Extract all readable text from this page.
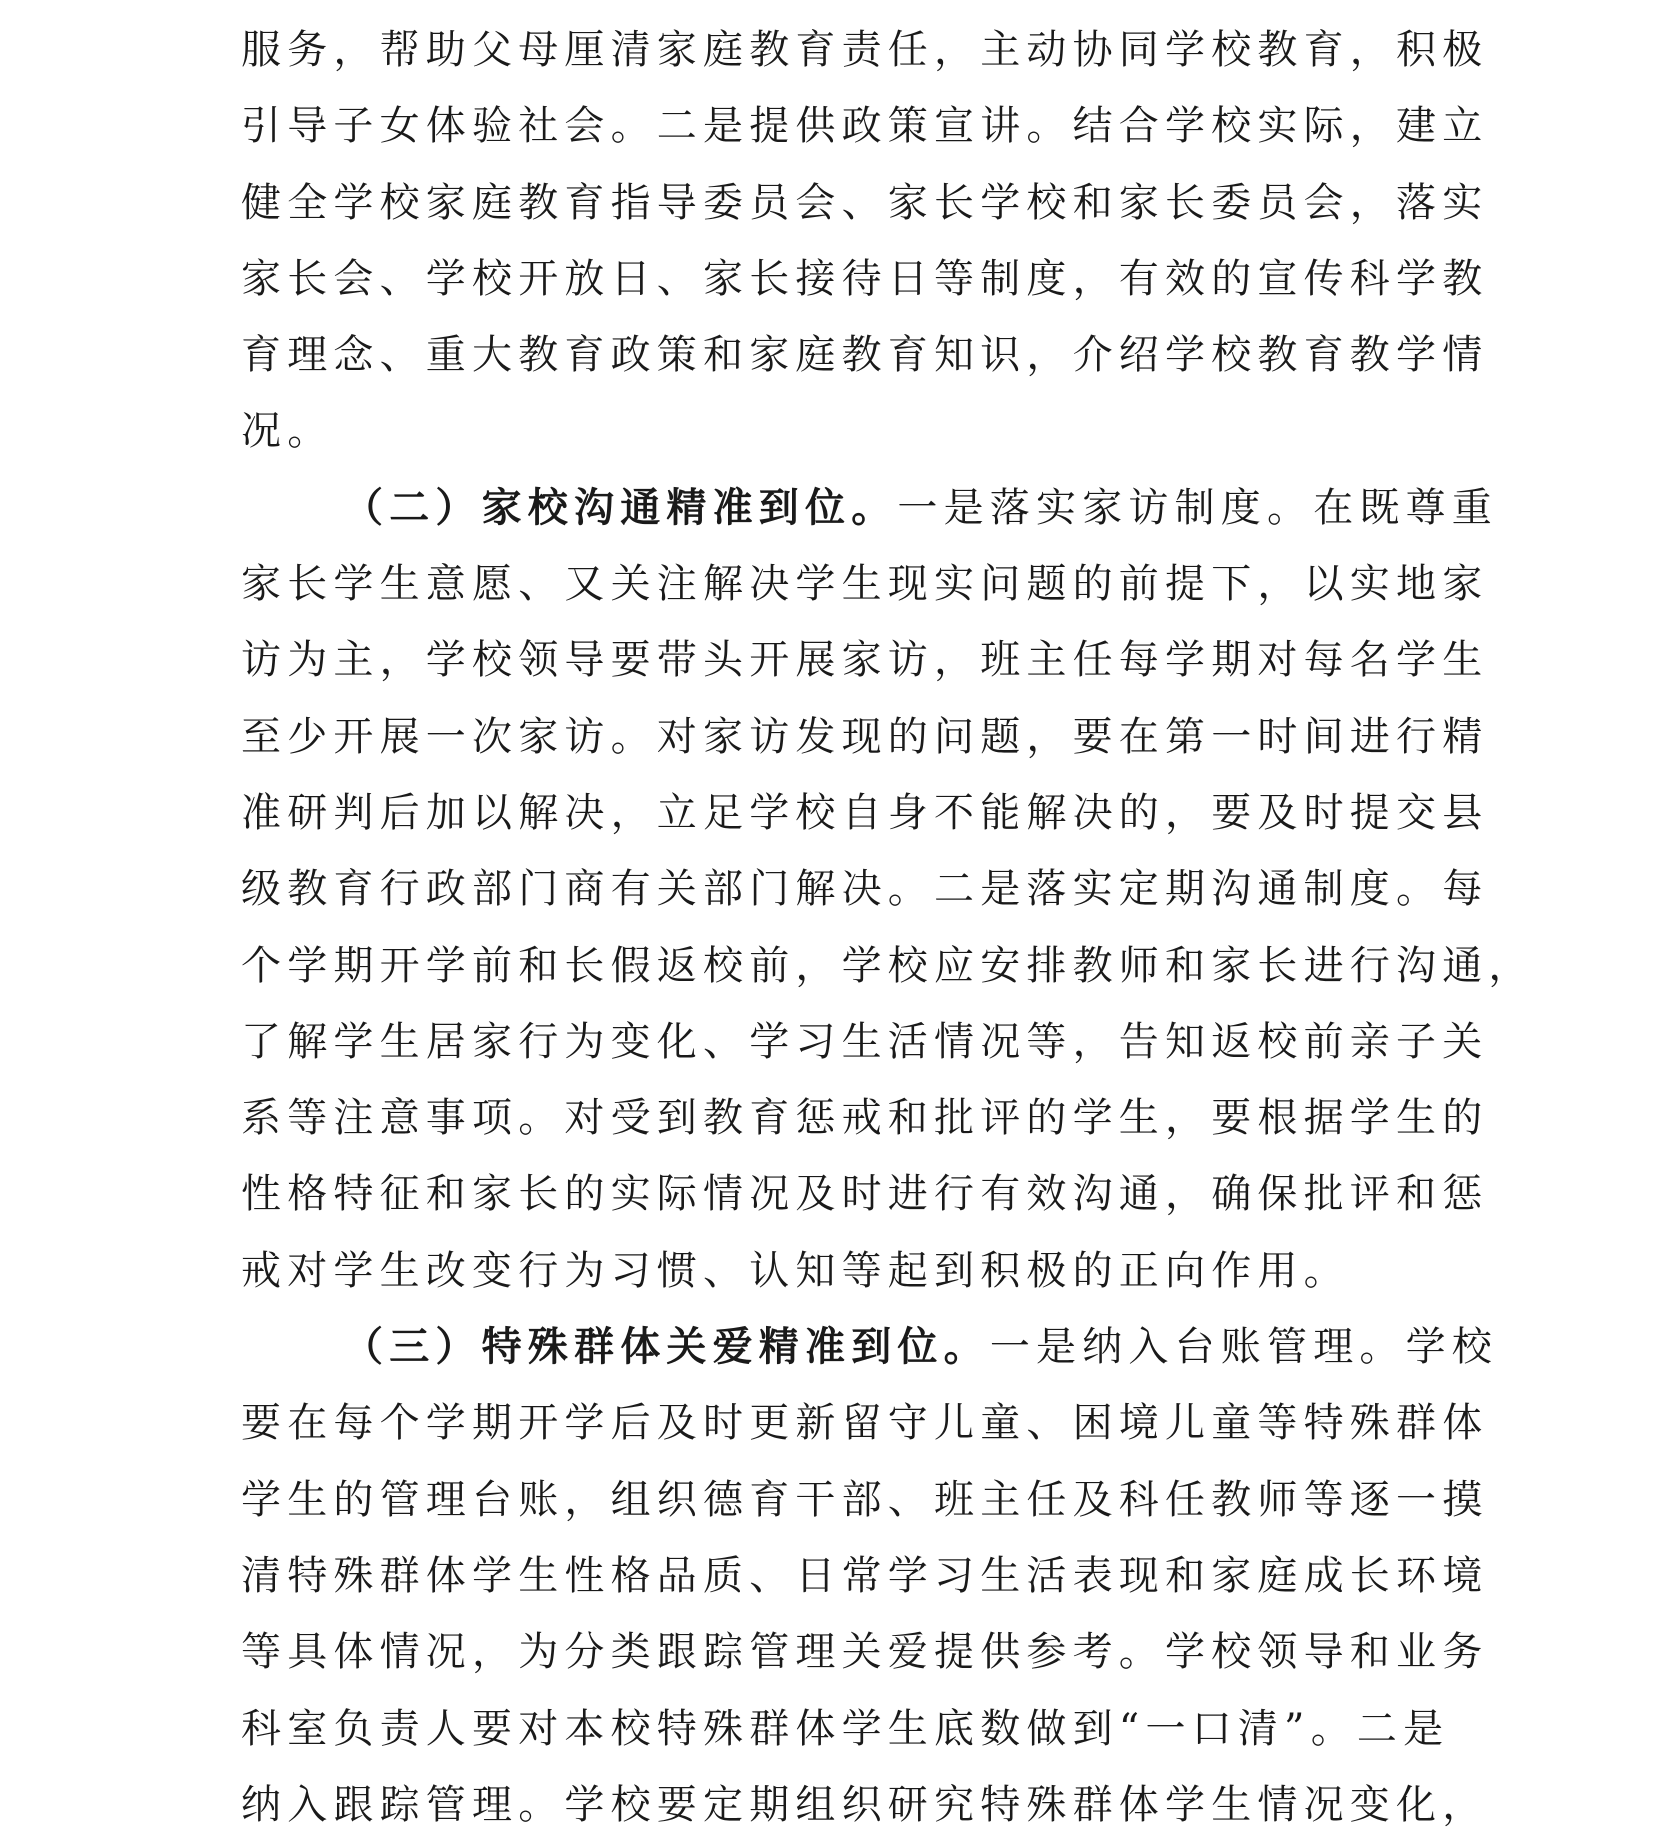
服务，帮助父母厘清家庭教育责任，主动协同学校教育，积极
引导子女体验社会。二是提供政策宣讲。结合学校实际，建立
健全学校家庭教育指导委员会、家长学校和家长委员会，落实
家长会、学校开放日、家长接待日等制度，有效的宣传科学教
育理念、重大教育政策和家庭教育知识，介绍学校教育教学情
况。
（二）家校沟通精准到位。一是落实家访制度。在既尊重
家长学生意愿、又关注解决学生现实问题的前提下，以实地家
访为主，学校领导要带头开展家访，班主任每学期对每名学生
至少开展一次家访。对家访发现的问题，要在第一时间进行精
准研判后加以解决，立足学校自身不能解决的，要及时提交县
级教育行政部门商有关部门解决。二是落实定期沟通制度。每
个学期开学前和长假返校前，学校应安排教师和家长进行沟通，
了解学生居家行为变化、学习生活情况等，告知返校前亲子关
系等注意事项。对受到教育惩戒和批评的学生，要根据学生的
性格特征和家长的实际情况及时进行有效沟通，确保批评和惩
戒对学生改变行为习惯、认知等起到积极的正向作用。
（三）特殊群体关爱精准到位。一是纳入台账管理。学校
要在每个学期开学后及时更新留守儿童、困境儿童等特殊群体
学生的管理台账，组织德育干部、班主任及科任教师等逐一摸
清特殊群体学生性格品质、日常学习生活表现和家庭成长环境
等具体情况，为分类跟踪管理关爱提供参考。学校领导和业务
科室负责人要对本校特殊群体学生底数做到“一口清”。二是
纳入跟踪管理。学校要定期组织研究特殊群体学生情况变化，
